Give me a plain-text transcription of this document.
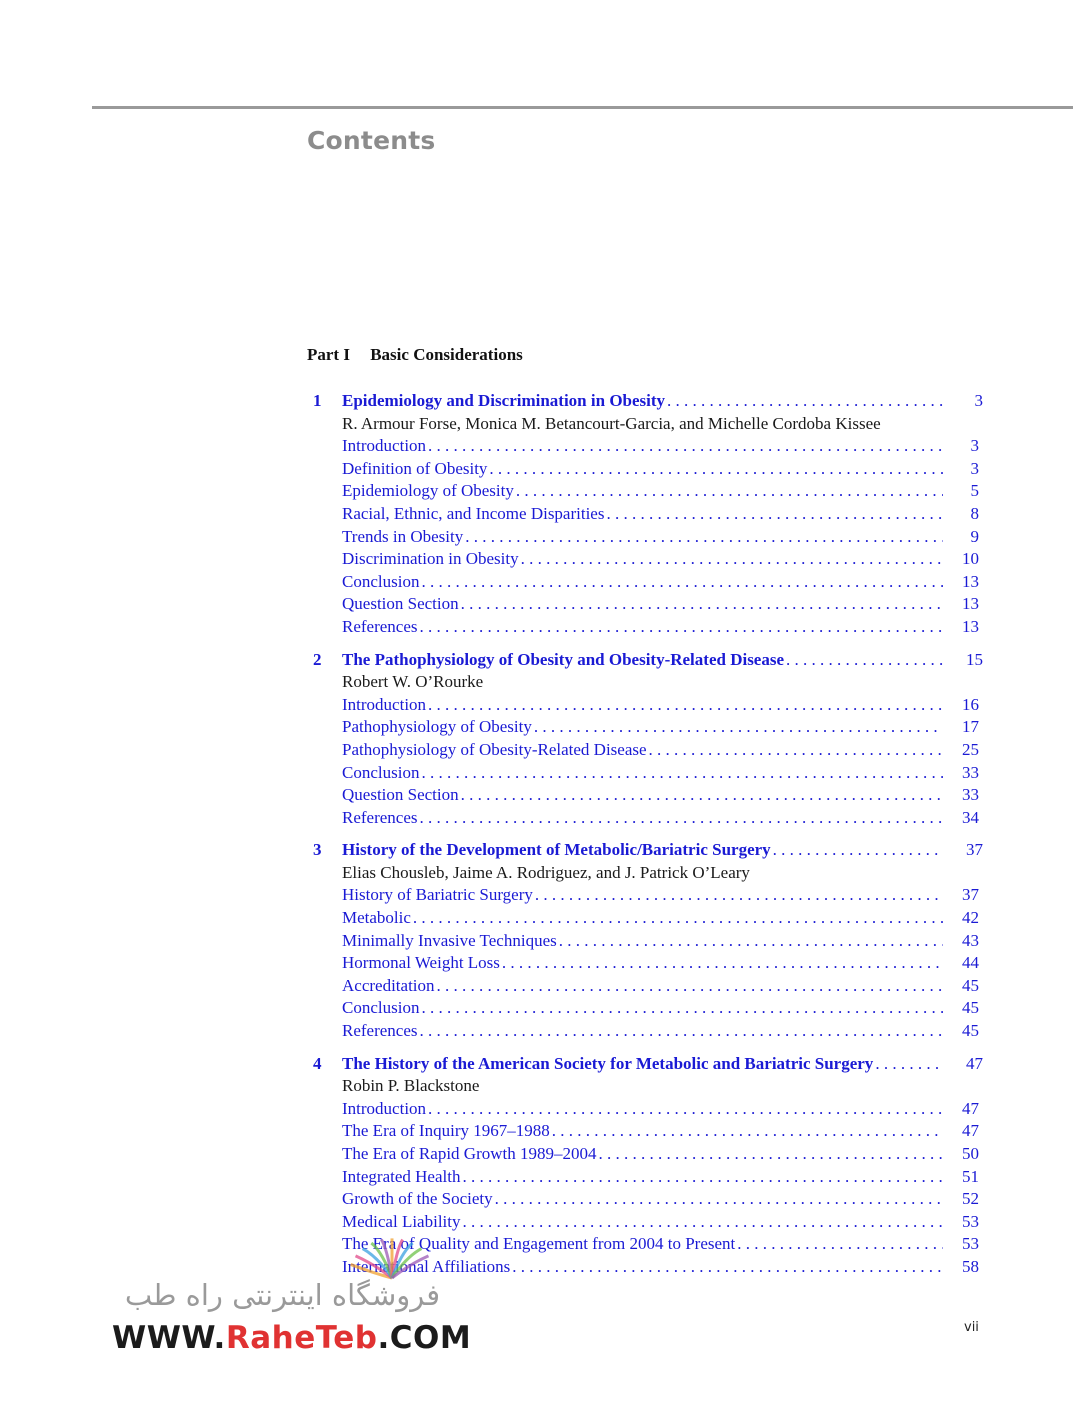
Contents
Part I Basic Considerations
1	Epidemiology and Discrimination in Obesity . . .	3
R. Armour Forse, Monica M. Betancourt-Garcia, and Michelle Cordoba Kissee
Introduction . . .	3
Definition of Obesity . . .	3
Epidemiology of Obesity . . .	5
Racial, Ethnic, and Income Disparities . . .	8
Trends in Obesity . . .	9
Discrimination in Obesity . . .	10
Conclusion . . .	13
Question Section . . .	13
References . . .	13
2	The Pathophysiology of Obesity and Obesity-Related Disease . . .	15
Robert W. O’Rourke
Introduction . . .	16
Pathophysiology of Obesity . . .	17
Pathophysiology of Obesity-Related Disease . . .	25
Conclusion . . .	33
Question Section . . .	33
References . . .	34
3	History of the Development of Metabolic/Bariatric Surgery . . .	37
Elias Chousleb, Jaime A. Rodriguez, and J. Patrick O’Leary
History of Bariatric Surgery . . .	37
Metabolic . . .	42
Minimally Invasive Techniques . . .	43
Hormonal Weight Loss . . .	44
Accreditation . . .	45
Conclusion . . .	45
References . . .	45
4	The History of the American Society for Metabolic and Bariatric Surgery . . .	47
Robin P. Blackstone
Introduction . . .	47
The Era of Inquiry 1967–1988 . . .	47
The Era of Rapid Growth 1989–2004 . . .	50
Integrated Health . . .	51
Growth of the Society . . .	52
Medical Liability . . .	53
The Era of Quality and Engagement from 2004 to Present . . .	53
International Affiliations . . .	58
vii
فروشگاه اینترنتی راه طب
WWW.RaheTeb.COM
